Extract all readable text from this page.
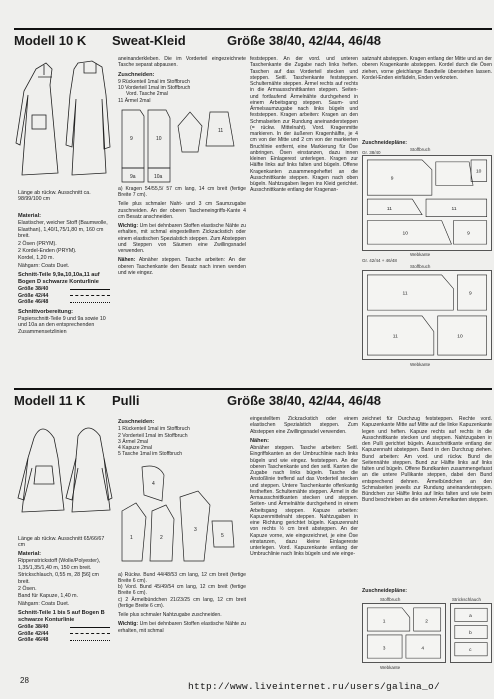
Modell 10 K	Sweat-Kleid	Größe 38/40, 42/44, 46/48
Länge ab rückw. Ausschnitt ca. 98/99/100 cm
Material:

Elastischer, weicher Stoff (Baumwolle, Elasthan), 1,40/1,75/1,80 m, 160 cm breit.

2 Ösen (PRYM).

2 Kordel-Enden (PRYM).

Kordel, 1,20 m.

Nähgarn: Coats Duet.

Schnitt-Teile 9,9a,10,10a,11 auf Bogen D schwarze Konturlinie
Größe 38/40
Größe 42/44
Größe 46/48
Schnittvorbereitung:

Papierschnitt-Teile 9 und 9a sowie 10 und 10a an den entsprechenden Zusammensetzlinien

aneinanderkleben. Die im Vorderteil eingezeichnete Tasche separat abpausen.

Zuschneiden:

9 Rückenteil 1mal im Stoffbruch

10 Vorderteil 1mal im Stoffbruch

Vord. Tasche 2mal

11 Ärmel 2mal

9
9a
10
10a
11

a) Kragen 54/55,5/ 57 cm lang, 14 cm breit (fertige Breite 7 cm).

Teile plus schmaler Naht- und 3 cm Saumzugabe zuschneiden. An der oberen Tascheneingriffs-Kante 4 cm Besatz anschneiden.

Wichtig: Um bei dehnbaren Stoffen elastische Nähte zu erhalten, mit schmal eingestelltem Zickzackstich oder einem elastischen Spezialstich steppen. Zum Absteppen und Steppen von Säumen eine Zwillingsnadel verwenden.

Nähen: Abnäher steppen. Tasche arbeiten: An der oberen Taschenkante den Besatz nach innen wenden und wie eingez.

feststeppen. An der vord. und unteren Taschenkante die Zugabe nach links heften. Taschen auf das Vorderteil stecken und steppen. Seitl. Taschenkante feststeppen. Schulternähte steppen. Ärmel rechts auf rechts in die Armausschnittkanten steppen. Seiten- und fortlaufend Ärmelnähte durchgehend in einem Arbeitsgang steppen. Saum- und Ärmelsaumzugabe nach links bügeln und feststeppen. Kragen arbeiten: Kragen an den Schmalseiten zur Rundung aneinandersteppen (= rückw. Mittelnaht). Vord. Kragenmitte markieren. In der äußeren Kragenhälfte, je 4 cm von der Mitte und 2 cm von der markierten Bruchlinie entfernt, eine Markierung für Öse anbringen. Ösen einstanzen, dazu innen kleinen Einlagerest unterlegen. Kragen zur Hälfte links auf links falten und bügeln. Offene Kragenkanten zusammengeheftet an die Ausschnittkante steppen. Kragen nach oben bügeln. Nahtzugaben liegen ins Kleid gerichtet. Ausschnittkante entlang der Kragenan-
satznaht absteppen. Kragen entlang der Mitte und an der oberen Kragenkante absteppen. Kordel durch die Ösen ziehen, vorne gleichlange Bandteile überstehen lassen. Kordel-Enden einfädeln, Enden verknoten.
Zuschneidepläne:
Gr. 38/40
9
10
11	11
10	9
Stoffbruch
Webkante
Gr. 42/44 + 46/48
11	9
11	10
Stoffbruch
Webkante
Modell 11 K	Pulli	Größe 38/40, 42/44, 46/48
Länge ab rückw. Ausschnitt 65/66/67 cm
Material:

Rippenstrickstoff (Wolle/Polyester), 1,35/1,35/1,40 m, 150 cm breit.

Strickschlauch, 0,55 m, 28 [56] cm breit.

2 Ösen.

Band für Kapuze, 1,40 m.

Nähgarn: Coats Duet.

Schnitt-Teile 1 bis 5 auf Bogen B schwarze Konturlinie
Größe 38/40
Größe 42/44
Größe 46/48
Zuschneiden:

1 Rückenteil 1mal im Stoffbruch

2 Vorderteil 1mal im Stoffbruch

3 Ärmel 2mal

4 Kapuze 2mal

5 Tasche 1mal im Stoffbruch

4
1	2
3
5

a) Rückw. Bund 44/48/53 cm lang, 12 cm breit (fertige Breite 6 cm).
b) Vord. Bund 45/49/54 cm lang, 12 cm breit (fertige Breite 6 cm).
c) 2 Ärmelbündchen 21/23/25 cm lang, 12 cm breit (fertige Breite 6 cm).

Teile plus schmaler Nahtzugabe zuschneiden.

Wichtig: Um bei dehnbaren Stoffen elastische Nähte zu erhalten, mit schmal

eingestelltem Zickzackstich oder einem elastischen Spezialstich steppen. Zum Absteppen eine Zwillingsnadel verwenden.

Nähen:

Abnäher steppen. Tasche arbeiten: Seitl. Eingriffskanten an der Umbruchlinie nach links bügeln und wie eingez. feststeppen. An der oberen Taschenkante und den seitl. Kanten die Zugabe nach links bügeln. Tasche die Anstoßlinie treffend auf das Vorderteil stecken und steppen. Untere Taschenkante offenkantig festheften. Schulternähte steppen. Ärmel in die Armausschnittkanten stecken und steppen. Seiten- und Ärmelnähte durchgehend in einem Arbeitsgang steppen. Kapuze arbeiten: Kapuzenmittelnaht steppen. Nahtzugaben in eine Richtung gerichtet bügeln. Kapuzennaht von rechts ½ cm breit absteppen. An der Kapuze vorne, wie eingezeichnet, je eine Öse einstanzen, dazu kleine Einlagereste unterlegen. Vord. Kapuzenkante entlang der Umbruchlinie nach links bügeln und wie einge-

zeichnet für Durchzug feststeppen. Rechte vord. Kapuzenkante Mitte auf Mitte auf die linke Kapuzenkante legen und heften. Kapuze rechts auf rechts in die Ausschnittkante stecken und steppen. Nahtzugaben in den Pulli gerichtet bügeln. Ausschnittkante entlang der Kapuzennaht absteppen. Band in den Durchzug ziehen. Bund arbeiten: Am vord. und rückw. Bund die Seitennähte steppen. Bund zur Hälfte links auf links falten und bügeln. Offene Bundkanten zusammengefasst an die untere Pullikante steppen, dabei den Bund entsprechend dehnen. Ärmelbündchen an den Schmalseiten jeweils zur Rundung aneinandersteppen. Bündchen zur Hälfte links auf links falten und wie beim Bund beschrieben an die unteren Ärmelkanten steppen.
Zuschneidepläne:
Stoffbruch	Strickschlauch
1	2
3	4
a
b
c
Webkante
28
http://www.liveinternet.ru/users/galina_o/
